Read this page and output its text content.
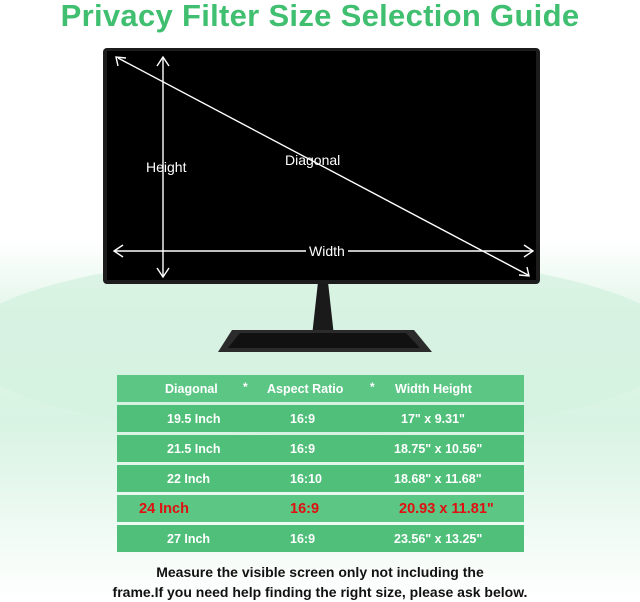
Privacy Filter Size Selection Guide
Height	Diagonal
Width
Diagonal * Aspect Ratio * Width Height
19.5 Inch	16:9	17" x 9.31"
21.5 Inch	16:9	18.75" x 10.56"
22 Inch	16:10	18.68" x 11.68"
24 Inch	16:9	20.93 x 11.81"
27 Inch	16:9	23.56" x 13.25"
Measure the visible screen only not including the
frame.If you need help finding the right size, please ask below.
